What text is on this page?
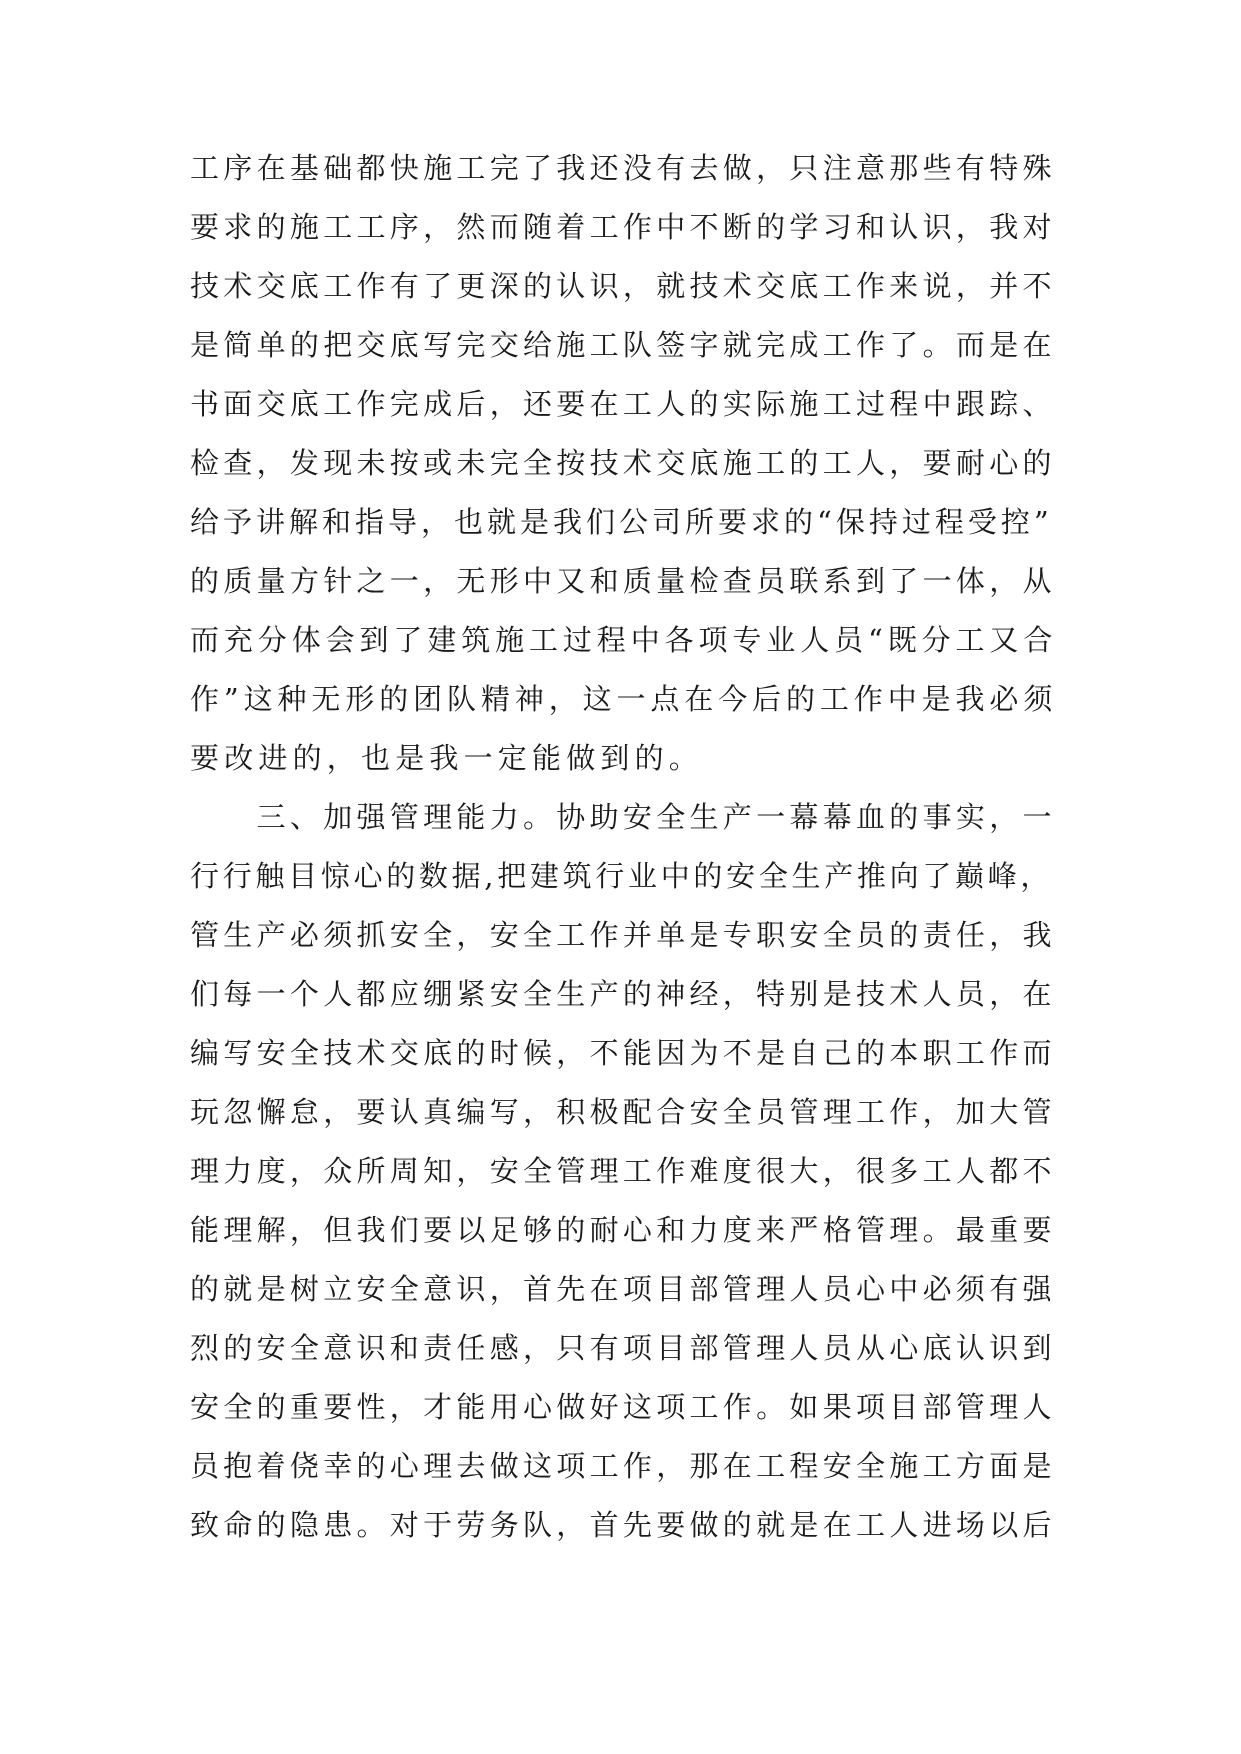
工序在基础都快施工完了我还没有去做，只注意那些有特殊
要求的施工工序，然而随着工作中不断的学习和认识，我对
技术交底工作有了更深的认识，就技术交底工作来说，并不
是简单的把交底写完交给施工队签字就完成工作了。而是在
书面交底工作完成后，还要在工人的实际施工过程中跟踪、
检查，发现未按或未完全按技术交底施工的工人，要耐心的
给予讲解和指导，也就是我们公司所要求的“保持过程受控”
的质量方针之一，无形中又和质量检查员联系到了一体，从
而充分体会到了建筑施工过程中各项专业人员“既分工又合
作”这种无形的团队精神，这一点在今后的工作中是我必须
要改进的，也是我一定能做到的。
　　三、加强管理能力。协助安全生产一幕幕血的事实，一
行行触目惊心的数据,把建筑行业中的安全生产推向了巅峰，
管生产必须抓安全，安全工作并单是专职安全员的责任，我
们每一个人都应绷紧安全生产的神经，特别是技术人员，在
编写安全技术交底的时候，不能因为不是自己的本职工作而
玩忽懈怠，要认真编写，积极配合安全员管理工作，加大管
理力度，众所周知，安全管理工作难度很大，很多工人都不
能理解，但我们要以足够的耐心和力度来严格管理。最重要
的就是树立安全意识，首先在项目部管理人员心中必须有强
烈的安全意识和责任感，只有项目部管理人员从心底认识到
安全的重要性，才能用心做好这项工作。如果项目部管理人
员抱着侥幸的心理去做这项工作，那在工程安全施工方面是
致命的隐患。对于劳务队，首先要做的就是在工人进场以后
